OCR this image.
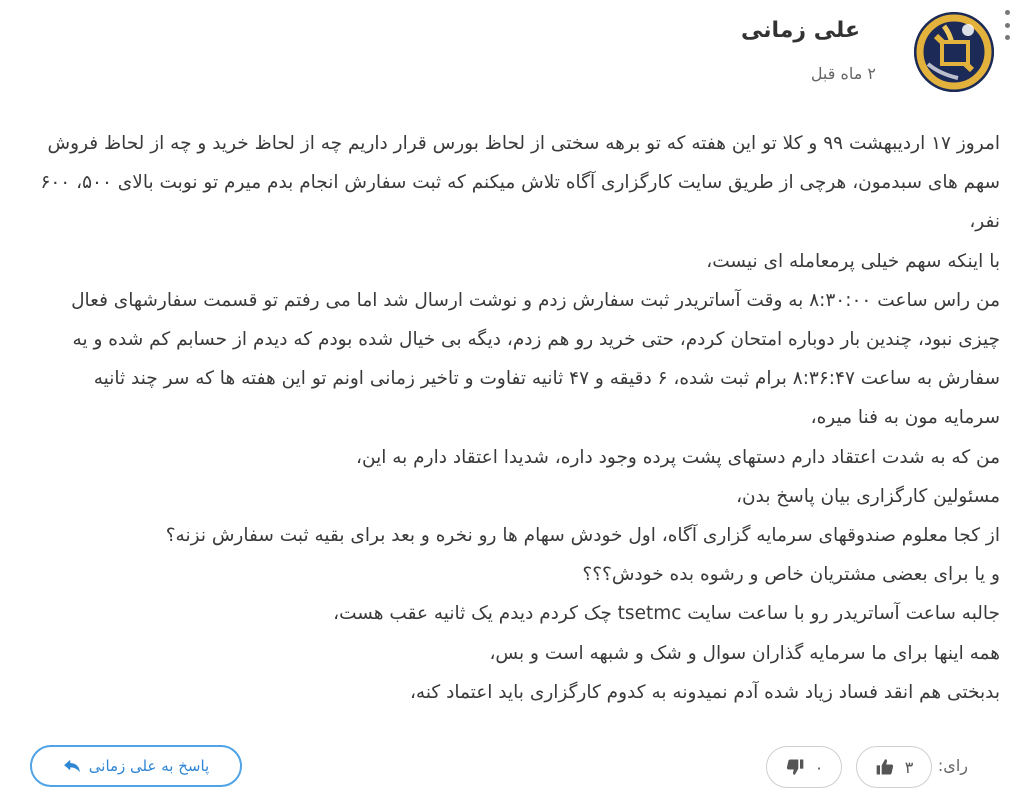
علی زمانی
۲ ماه قبل

امروز ۱۷ اردیبهشت ۹۹ و کلا تو این هفته که تو برهه سختی از لحاظ بورس قرار داریم چه از لحاظ خرید و چه از لحاظ فروش سهم های سبدمون، هرچی از طریق سایت کارگزاری آگاه تلاش میکنم که ثبت سفارش انجام بدم میرم تو نوبت بالای ۵۰۰، ۶۰۰ نفر،

با اینکه سهم خیلی پرمعامله ای نیست،

من راس ساعت ۸:۳۰:۰۰ به وقت آساتریدر ثبت سفارش زدم و نوشت ارسال شد اما می رفتم تو قسمت سفارشهای فعال چیزی نبود، چندین بار دوباره امتحان کردم، حتی خرید رو هم زدم، دیگه بی خیال شده بودم که دیدم از حسابم کم شده و یه سفارش به ساعت ۸:۳۶:۴۷ برام ثبت شده، ۶ دقیقه و ۴۷ ثانیه تفاوت و تاخیر زمانی اونم تو این هفته ها که سر چند ثانیه سرمایه مون به فنا میره،

من که به شدت اعتقاد دارم دستهای پشت پرده وجود داره، شدیدا اعتقاد دارم به این،

مسئولین کارگزاری بیان پاسخ بدن،

از کجا معلوم صندوقهای سرمایه گزاری آگاه، اول خودش سهام ها رو نخره و بعد برای بقیه ثبت سفارش نزنه؟

و یا برای بعضی مشتریان خاص و رشوه بده خودش؟؟؟

جالبه ساعت آساتریدر رو با ساعت سایت tsetmc چک کردم دیدم یک ثانیه عقب هست،

همه اینها برای ما سرمایه گذاران سوال و شک و شبهه است و بس،

بدبختی هم انقد فساد زیاد شده آدم نمیدونه به کدوم کارگزاری باید اعتماد کنه،

رای:
۳
۰
پاسخ به علی زمانی
